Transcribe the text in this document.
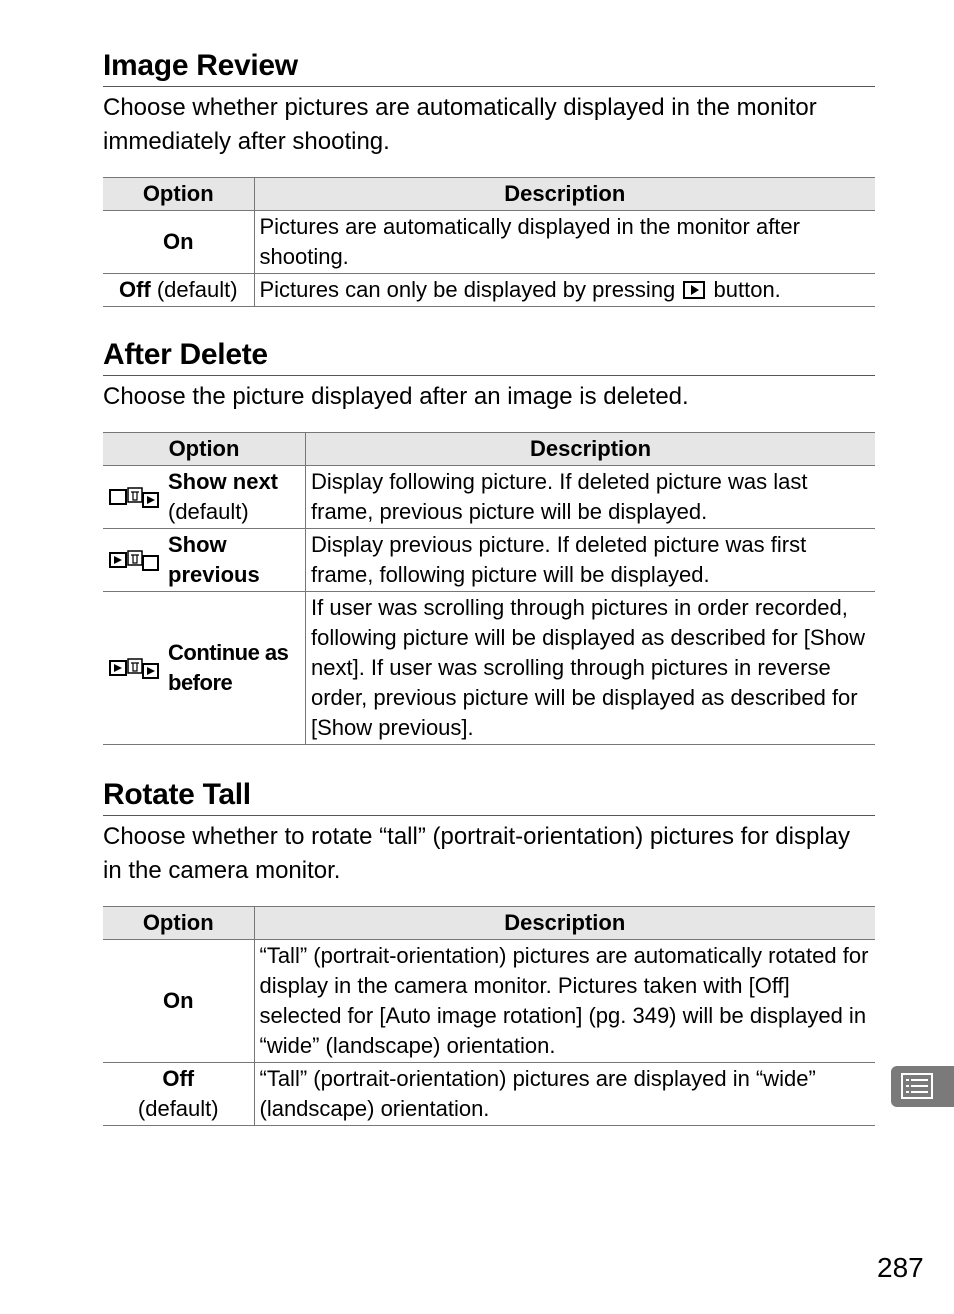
Image Review

Choose whether pictures are automatically displayed in the monitor immediately after shooting.

Option	Description
On	Pictures are automatically displayed in the monitor after shooting.
Off (default)	Pictures can only be displayed by pressing  button.
After Delete

Choose the picture displayed after an image is deleted.

Option	Description

Show next
(default)	Display following picture. If deleted picture was last frame, previous picture will be displayed.

Show previous	Display previous picture. If deleted picture was first frame, following picture will be displayed.

Continue as before	If user was scrolling through pictures in order recorded, following picture will be displayed as described for [Show next]. If user was scrolling through pictures in reverse order, previous picture will be displayed as described for [Show previous].
Rotate Tall

Choose whether to rotate “tall” (portrait-orientation) pictures for display in the camera monitor.

Option	Description
On	“Tall” (portrait-orientation) pictures are automatically rotated for display in the camera monitor. Pictures taken with [Off] selected for [Auto image rotation] (pg. 349) will be displayed in “wide” (landscape) orientation.

Off
(default)	“Tall” (portrait-orientation) pictures are displayed in “wide” (landscape) orientation.
287
